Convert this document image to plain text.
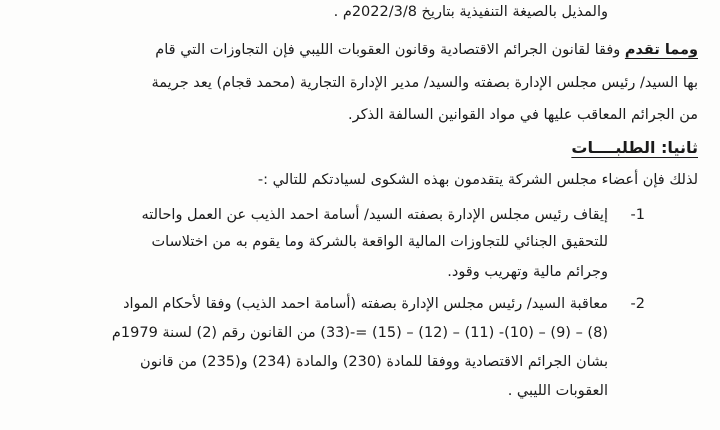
والمذيل بالصيغة التنفيذية بتاريخ 2022/3/8م .
ومما تقدم وفقا لقانون الجرائم الاقتصادية وقانون العقوبات الليبي فإن التجاوزات التي قام
بها السيد/ رئيس مجلس الإدارة بصفته والسيد/ مدير الإدارة التجارية (محمد قجام) يعد جريمة
من الجرائم المعاقب عليها في مواد القوانين السالفة الذكر.
ثانيا: الطلبــــات
لذلك فإن أعضاء مجلس الشركة يتقدمون بهذه الشكوى لسيادتكم للتالي :-
-1
إيقاف رئيس مجلس الإدارة بصفته السيد/ أسامة احمد الذيب عن العمل واحالته
للتحقيق الجنائي للتجاوزات المالية الواقعة بالشركة وما يقوم به من اختلاسات
وجرائم مالية وتهريب وقود.
-2
معاقبة السيد/ رئيس مجلس الإدارة بصفته (أسامة احمد الذيب) وفقا لأحكام المواد
(8) – (9) – (10)- (11) – (12) – (15) =-(33) من القانون رقم (2) لسنة 1979م
بشان الجرائم الاقتصادية ووفقا للمادة (230) والمادة (234) و(235) من قانون
العقوبات الليبي .
